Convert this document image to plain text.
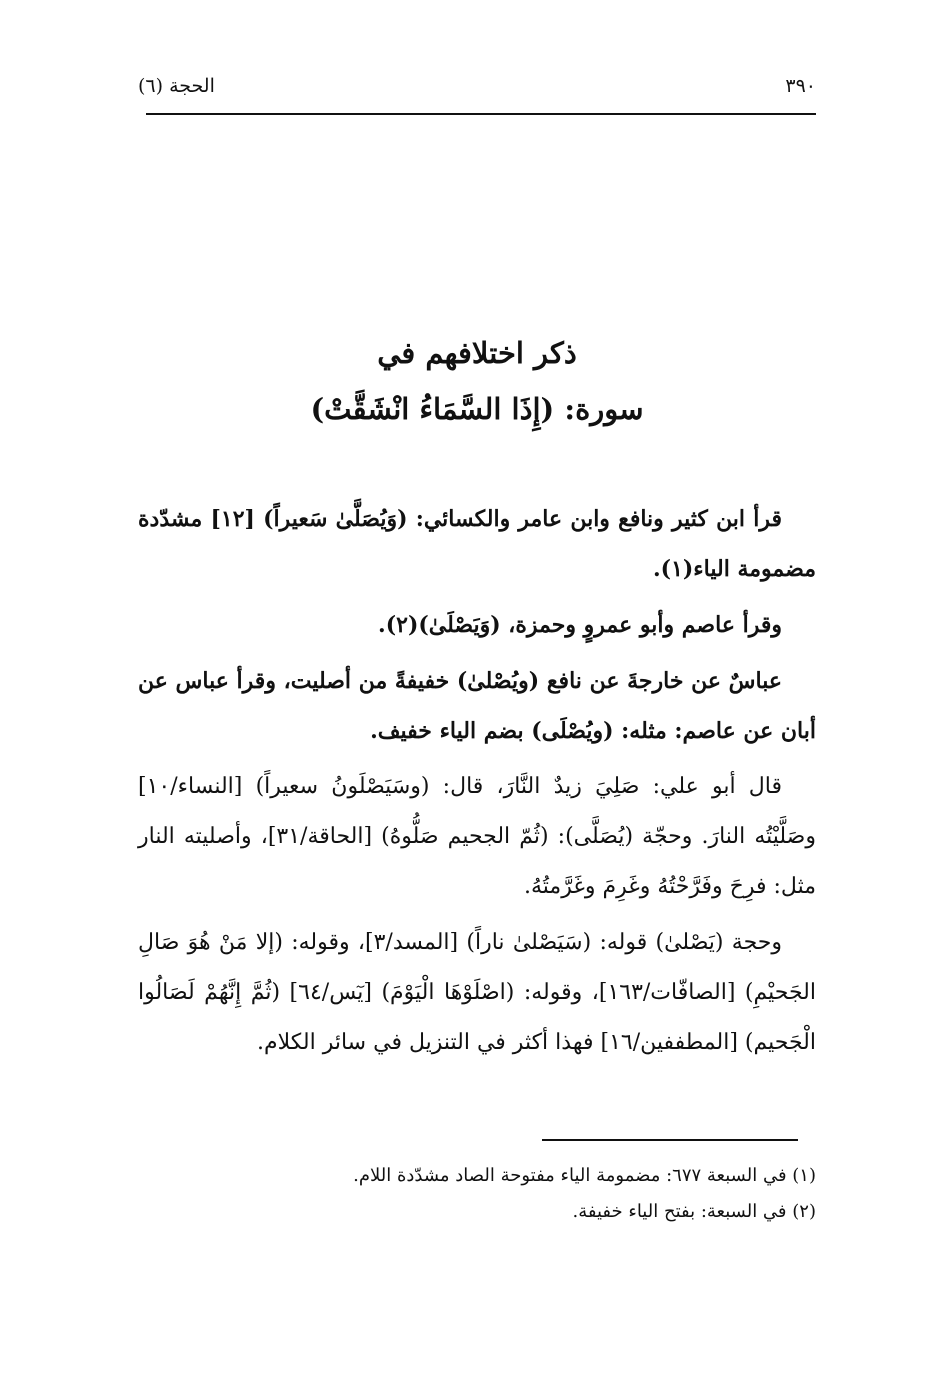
٣٩٠
الحجة (٦)
ذكر اختلافهم في
سورة: (إِذَا السَّمَاءُ انْشَقَّتْ)

قرأ ابن كثير ونافع وابن عامر والكسائي: (وَيُصَلَّىٰ سَعيراً) [١٢] مشدّدة مضمومة الياء(١).

وقرأ عاصم وأبو عمروٍ وحمزة، (وَيَصْلَىٰ)(٢).

عباسٌ عن خارجةَ عن نافع (ويُصْلىٰ) خفيفةً من أصليت، وقرأ عباس عن أبان عن عاصم: مثله: (ويُصْلَى) بضم الياء خفيف.

قال أبو علي: صَلِيَ زيدٌ النَّارَ، قال: (وسَيَصْلَونُ سعيراً) [النساء/١٠] وصَلَّيْتُه النارَ. وحجّة (يُصَلَّى): (ثُمّ الجحيم صَلُّوهُ) [الحاقة/٣١]، وأصليته النار مثل: فرِحَ وفَرَّحْتُهُ وغَرِمَ وغَرَّمتُهُ.

وحجة (يَصْلىٰ) قوله: (سَيَصْلىٰ ناراً) [المسد/٣]، وقوله: (إلا مَنْ هُوَ صَالِ الجَحيْمِ) [الصافّات/١٦٣]، وقوله: (اصْلَوْهَا الْيَوْمَ) [يٓس/٦٤] (ثُمَّ إِنَّهُمْ لَصَالُوا الْجَحيم) [المطففين/١٦] فهذا أكثر في التنزيل في سائر الكلام.

(١) في السبعة ٦٧٧: مضمومة الياء مفتوحة الصاد مشدّدة اللام.

(٢) في السبعة: بفتح الياء خفيفة.
